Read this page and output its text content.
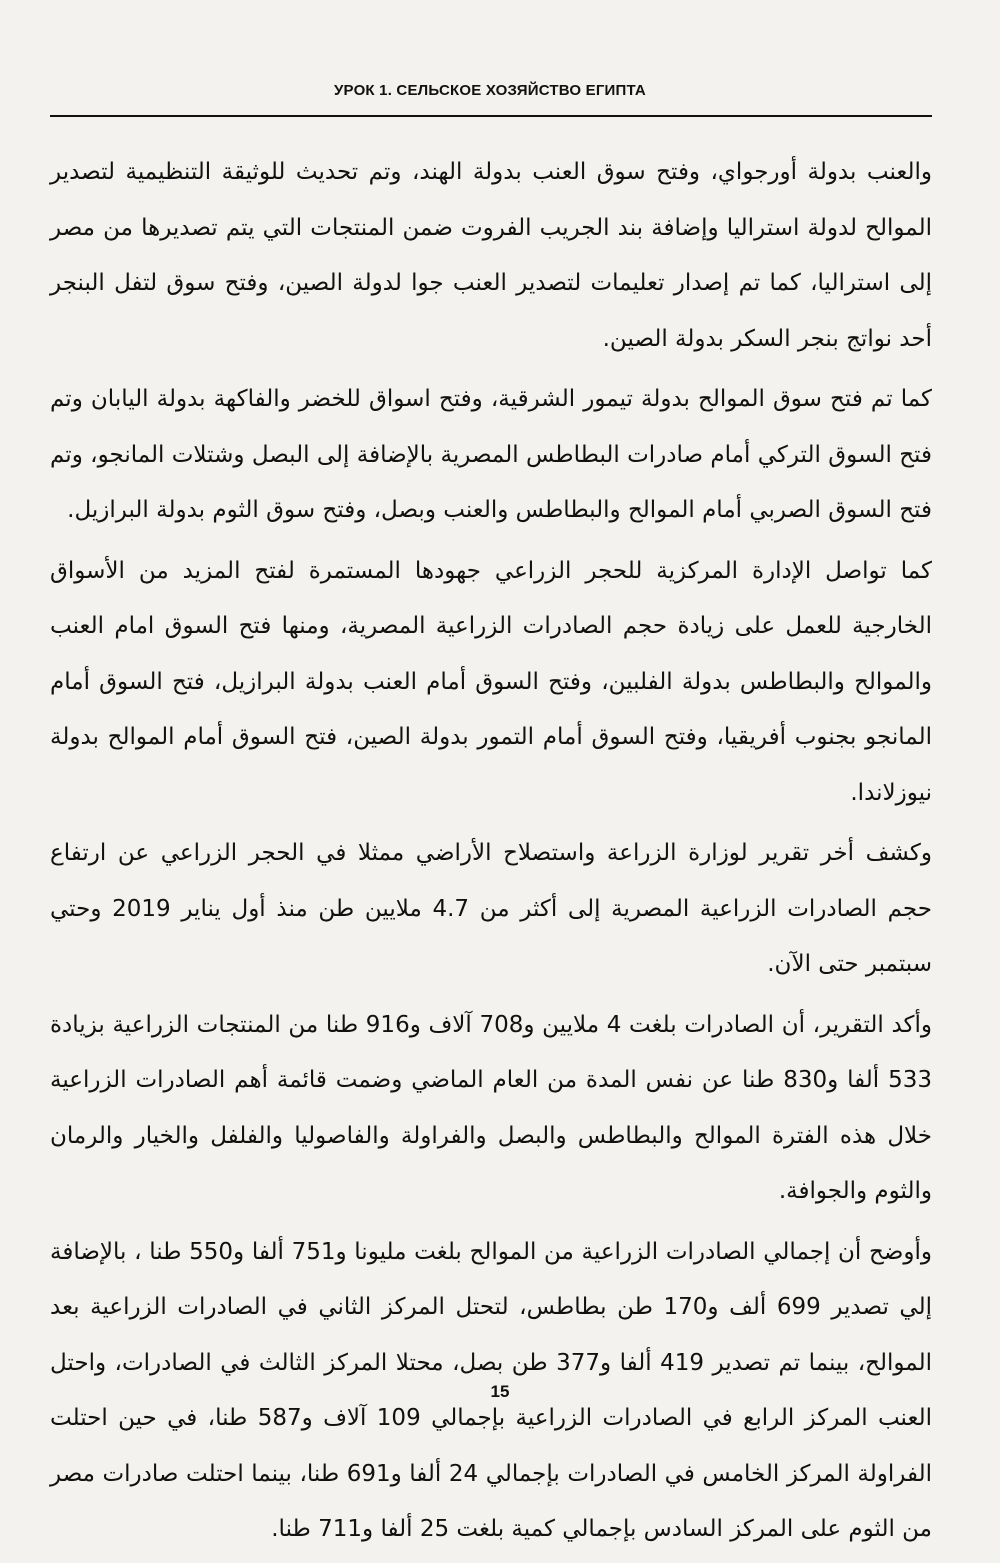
УРОК 1. СЕЛЬСКОЕ ХОЗЯЙСТВО ЕГИПТА

والعنب بدولة أورجواي، وفتح سوق العنب بدولة الهند، وتم تحديث للوثيقة التنظيمية لتصدير الموالح لدولة استراليا وإضافة بند الجريب الفروت ضمن المنتجات التي يتم تصديرها من مصر إلى استراليا، كما تم إصدار تعليمات لتصدير العنب جوا لدولة الصين، وفتح سوق لتفل البنجر أحد نواتج بنجر السكر بدولة الصين.

كما تم فتح سوق الموالح بدولة تيمور الشرقية، وفتح اسواق للخضر والفاكهة بدولة اليابان وتم فتح السوق التركي أمام صادرات البطاطس المصرية بالإضافة إلى البصل وشتلات المانجو، وتم فتح السوق الصربي أمام الموالح والبطاطس والعنب وبصل، وفتح سوق الثوم بدولة البرازيل.

كما تواصل الإدارة المركزية للحجر الزراعي جهودها المستمرة لفتح المزيد من الأسواق الخارجية للعمل على زيادة حجم الصادرات الزراعية المصرية، ومنها فتح السوق امام العنب والموالح والبطاطس بدولة الفلبين، وفتح السوق أمام العنب بدولة البرازيل، فتح السوق أمام المانجو بجنوب أفريقيا، وفتح السوق أمام التمور بدولة الصين، فتح السوق أمام الموالح بدولة نيوزلاندا.

وكشف أخر تقرير لوزارة الزراعة واستصلاح الأراضي ممثلا في الحجر الزراعي عن ارتفاع حجم الصادرات الزراعية المصرية إلى أكثر من 4.7 ملايين طن منذ أول يناير 2019 وحتي سبتمبر حتى الآن.

وأكد التقرير، أن الصادرات بلغت 4 ملايين و708 آلاف و916 طنا من المنتجات الزراعية بزيادة 533 ألفا و830 طنا عن نفس المدة من العام الماضي وضمت قائمة أهم الصادرات الزراعية خلال هذه الفترة الموالح والبطاطس والبصل والفراولة والفاصوليا والفلفل والخيار والرمان والثوم والجوافة.

وأوضح أن إجمالي الصادرات الزراعية من الموالح بلغت مليونا و751 ألفا و550 طنا ، بالإضافة إلي تصدير 699 ألف و170 طن بطاطس، لتحتل المركز الثاني في الصادرات الزراعية بعد الموالح، بينما تم تصدير 419 ألفا و377 طن بصل، محتلا المركز الثالث في الصادرات، واحتل العنب المركز الرابع في الصادرات الزراعية بإجمالي 109 آلاف و587 طنا، في حين احتلت الفراولة المركز الخامس في الصادرات بإجمالي 24 ألفا و691 طنا، بينما احتلت صادرات مصر من الثوم على المركز السادس بإجمالي كمية بلغت 25 ألفا و711 طنا.

15
